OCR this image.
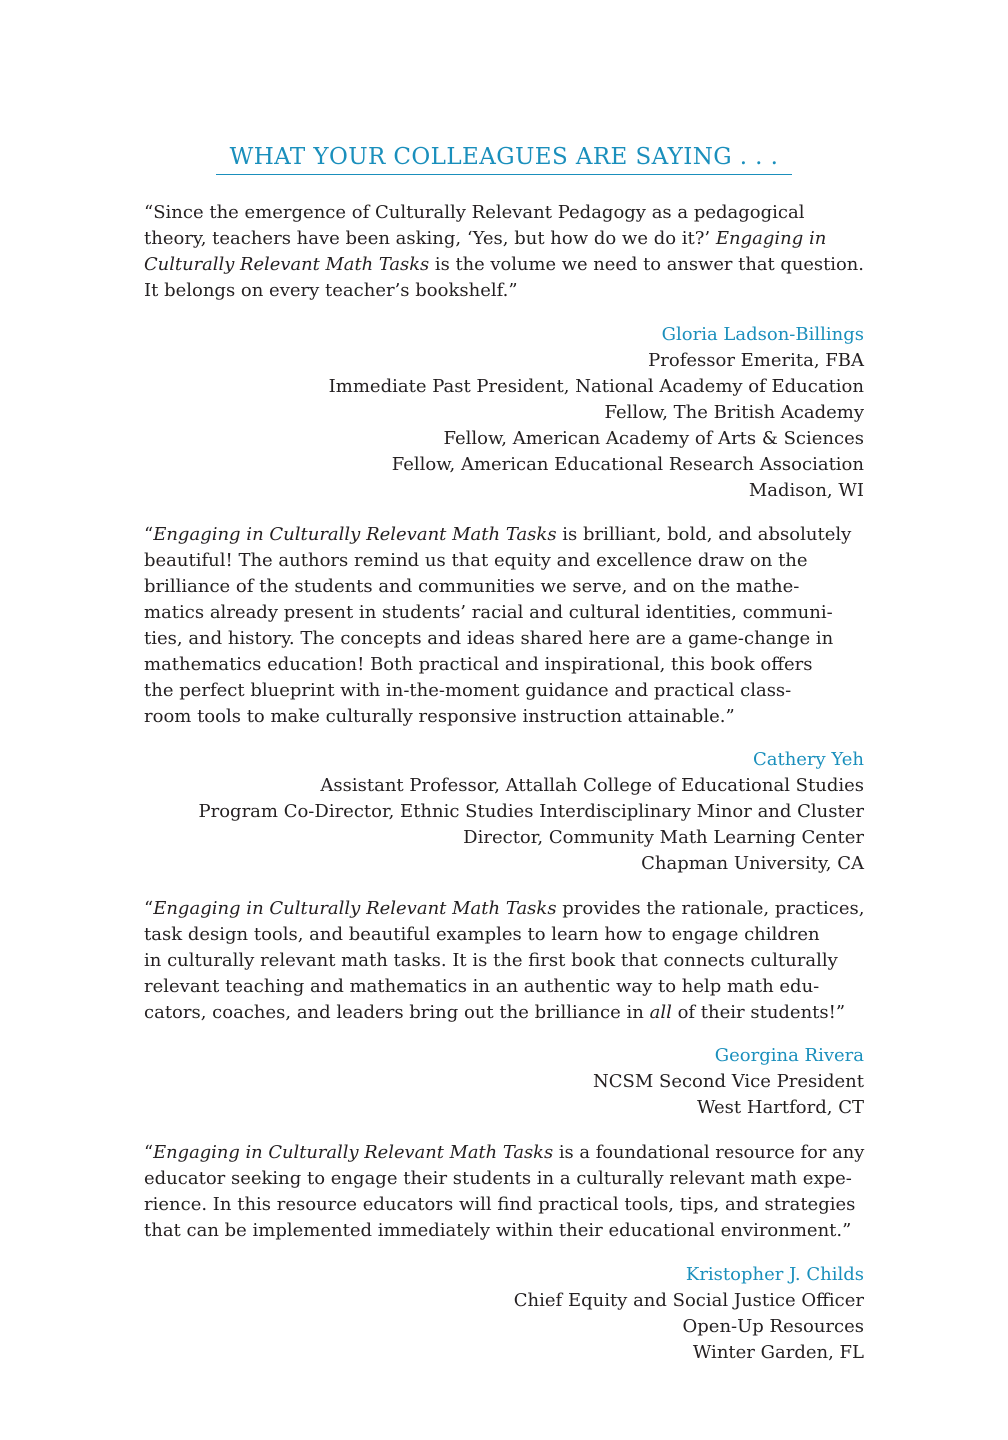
WHAT YOUR COLLEAGUES ARE SAYING . . .
“Since the emergence of Culturally Relevant Pedagogy as a pedagogical
theory, teachers have been asking, ‘Yes, but how do we do it?’ Engaging in
Culturally Relevant Math Tasks is the volume we need to answer that question.
It belongs on every teacher’s bookshelf.”
Gloria Ladson-Billings
Professor Emerita, FBA
Immediate Past President, National Academy of Education
Fellow, The British Academy
Fellow, American Academy of Arts & Sciences
Fellow, American Educational Research Association
Madison, WI
“Engaging in Culturally Relevant Math Tasks is brilliant, bold, and absolutely
beautiful! The authors remind us that equity and excellence draw on the
brilliance of the students and communities we serve, and on the mathe-
matics already present in students’ racial and cultural identities, communi-
ties, and history. The concepts and ideas shared here are a game-change in
mathematics education! Both practical and inspirational, this book offers
the perfect blueprint with in-the-moment guidance and practical class-
room tools to make culturally responsive instruction attainable.”
Cathery Yeh
Assistant Professor, Attallah College of Educational Studies
Program Co-Director, Ethnic Studies Interdisciplinary Minor and Cluster
Director, Community Math Learning Center
Chapman University, CA
“Engaging in Culturally Relevant Math Tasks provides the rationale, practices,
task design tools, and beautiful examples to learn how to engage children
in culturally relevant math tasks. It is the first book that connects culturally
relevant teaching and mathematics in an authentic way to help math edu-
cators, coaches, and leaders bring out the brilliance in all of their students!”
Georgina Rivera
NCSM Second Vice President
West Hartford, CT
“Engaging in Culturally Relevant Math Tasks is a foundational resource for any
educator seeking to engage their students in a culturally relevant math expe-
rience. In this resource educators will find practical tools, tips, and strategies
that can be implemented immediately within their educational environment.”
Kristopher J. Childs
Chief Equity and Social Justice Officer
Open-Up Resources
Winter Garden, FL
